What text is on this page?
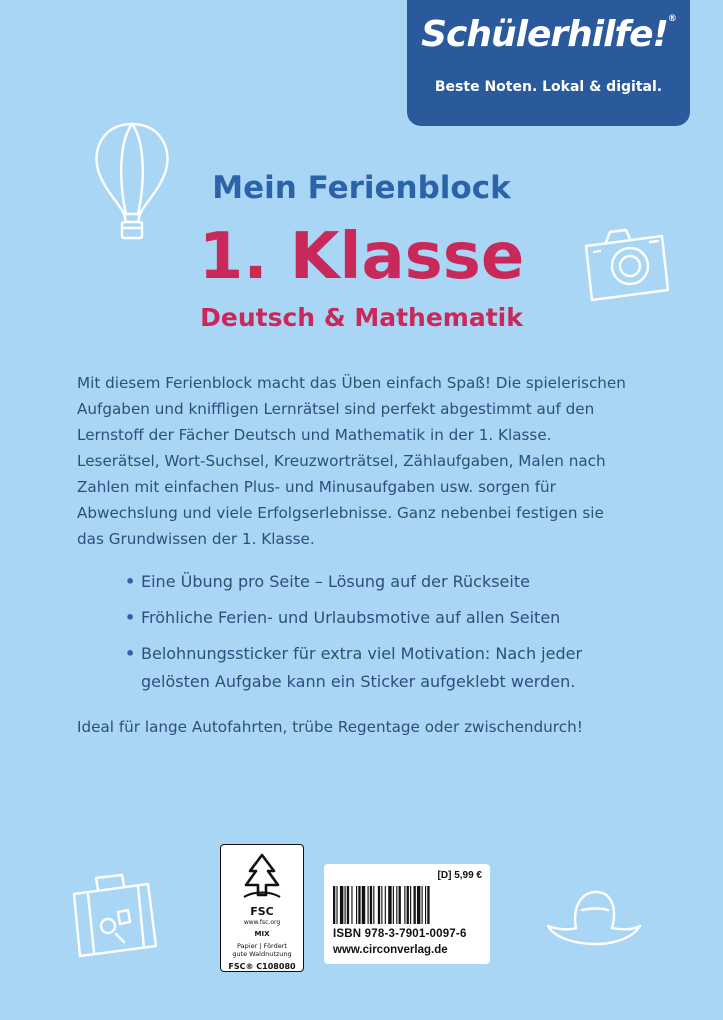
Schülerhilfe!®
Beste Noten. Lokal & digital.
Mein Ferienblock
1. Klasse
Deutsch & Mathematik
Mit diesem Ferienblock macht das Üben einfach Spaß! Die spielerischen
Aufgaben und kniffligen Lernrätsel sind perfekt abgestimmt auf den
Lernstoff der Fächer Deutsch und Mathematik in der 1. Klasse.
Leserätsel, Wort-Suchsel, Kreuzworträtsel, Zählaufgaben, Malen nach
Zahlen mit einfachen Plus- und Minusaufgaben usw. sorgen für
Abwechslung und viele Erfolgserlebnisse. Ganz nebenbei festigen sie
das Grundwissen der 1. Klasse.
• Eine Übung pro Seite – Lösung auf der Rückseite
• Fröhliche Ferien- und Urlaubsmotive auf allen Seiten
• Belohnungssticker für extra viel Motivation: Nach jeder
gelösten Aufgabe kann ein Sticker aufgeklebt werden.
Ideal für lange Autofahrten, trübe Regentage oder zwischendurch!
FSC
www.fsc.org
MIX
Papier | Fördert
gute Waldnutzung
FSC® C108080
[D] 5,99 €
ISBN 978-3-7901-0097-6
www.circonverlag.de
